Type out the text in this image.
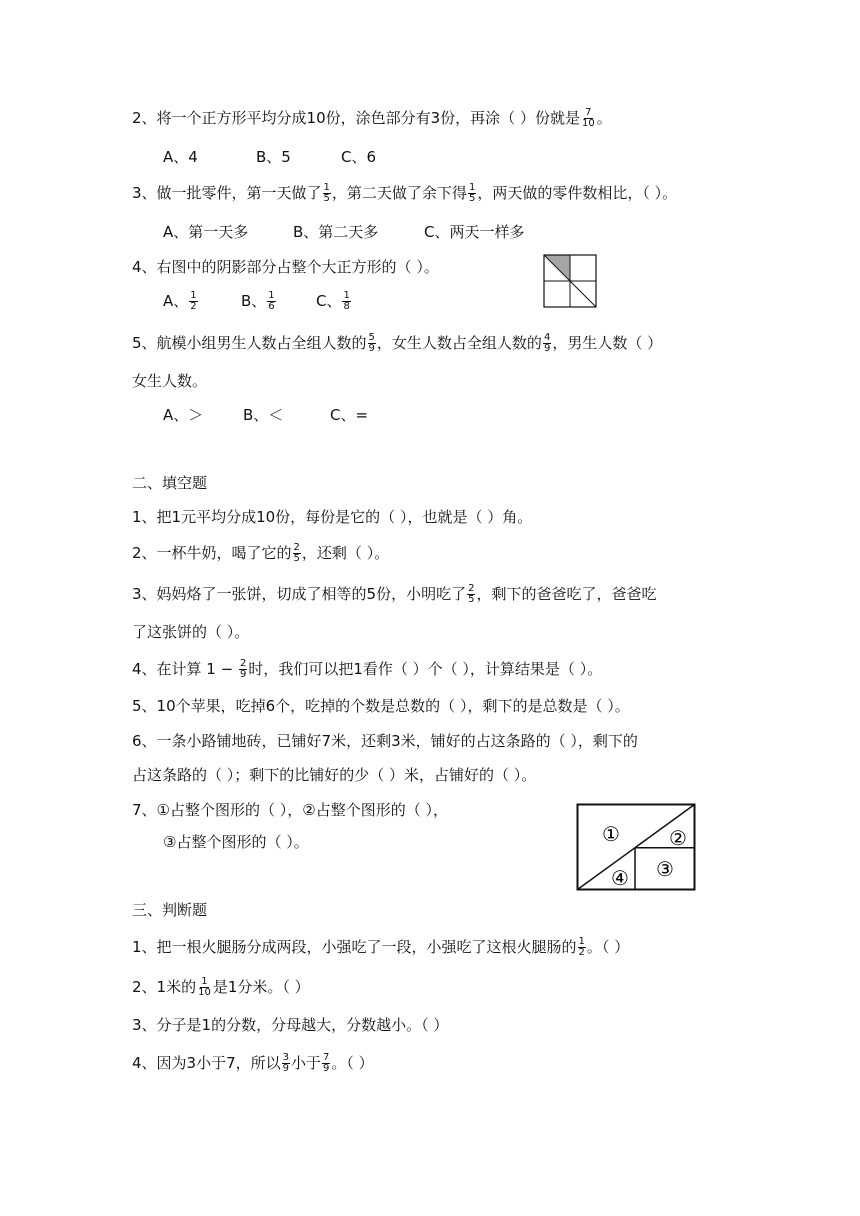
2、将一个正方形平均分成10份，涂色部分有3份，再涂（ ）份就是 $\frac{7}{10}$ 。
A、4	B、5	C、6
3、做一批零件，第一天做了 $\frac{1}{5}$ ，第二天做了余下得 $\frac{1}{5}$ ，两天做的零件数相比，（ ）。
A、第一天多	B、第二天多	C、两天一样多
4、右图中的阴影部分占整个大正方形的（ ）。
A、 $\frac{1}{2}$	B、 $\frac{1}{6}$	C、 $\frac{1}{8}$
5、航模小组男生人数占全组人数的 $\frac{5}{9}$ ，女生人数占全组人数的 $\frac{4}{9}$ ，男生人数（ ）
女生人数。
A、＞	B、＜	C、=
二、填空题
1、把1元平均分成10份，每份是它的（ ），也就是（ ）角。
2、一杯牛奶，喝了它的 $\frac{2}{5}$ ，还剩（ ）。
3、妈妈烙了一张饼，切成了相等的5份，小明吃了 $\frac{2}{5}$ ，剩下的爸爸吃了，爸爸吃
了这张饼的（ ）。
4、在计算 $1 - \frac{2}{9}$ 时，我们可以把1看作（ ）个（ ），计算结果是（ ）。
5、10个苹果，吃掉6个，吃掉的个数是总数的（ ），剩下的是总数是（ ）。
6、一条小路铺地砖，已铺好7米，还剩3米，铺好的占这条路的（ ），剩下的
占这条路的（ ）；剩下的比铺好的少（ ）米，占铺好的（ ）。
7、①占整个图形的（ ），②占整个图形的（ ），
③占整个图形的（ ）。	① ②
③
④
三、判断题
1、把一根火腿肠分成两段，小强吃了一段，小强吃了这根火腿肠的 $\frac{1}{2}$ 。（ ）
2、1米的 $\frac{1}{10}$ 是1分米。（ ）
3、分子是1的分数，分母越大，分数越小。（ ）
4、因为3小于7，所以 $\frac{3}{9}$ 小于 $\frac{7}{9}$ 。（ ）
